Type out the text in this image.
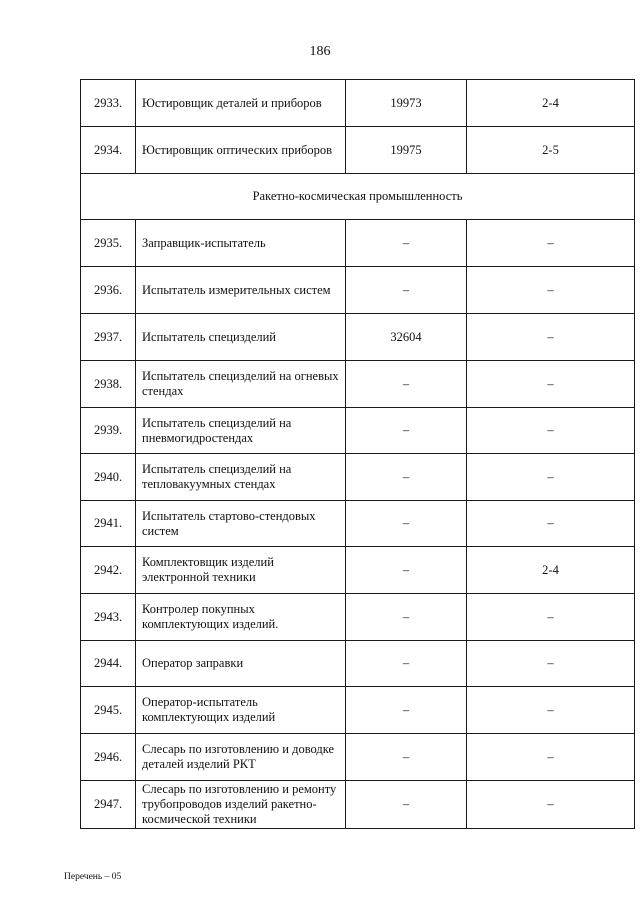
186
2933.	Юстировщик деталей и приборов	19973	2-4
2934.	Юстировщик оптических приборов	19975	2-5
Ракетно-космическая промышленность			
2935.	Заправщик-испытатель	–	–
2936.	Испытатель измерительных систем	–	–
2937.	Испытатель специзделий	32604	–
2938.	Испытатель специзделий на огневых стендах	–	–
2939.	Испытатель специзделий на пневмогидростендах	–	–
2940.	Испытатель специзделий на тепловакуумных стендах	–	–
2941.	Испытатель стартово-стендовых систем	–	–
2942.	Комплектовщик изделий электронной техники	–	2-4
2943.	Контролер покупных комплектующих изделий.	–	–
2944.	Оператор заправки	–	–
2945.	Оператор-испытатель комплектующих изделий	–	–
2946.	Слесарь по изготовлению и доводке деталей изделий РКТ	–	–
2947.	Слесарь по изготовлению и ремонту трубопроводов изделий ракетно-космической техники	–	–
Перечень – 05
